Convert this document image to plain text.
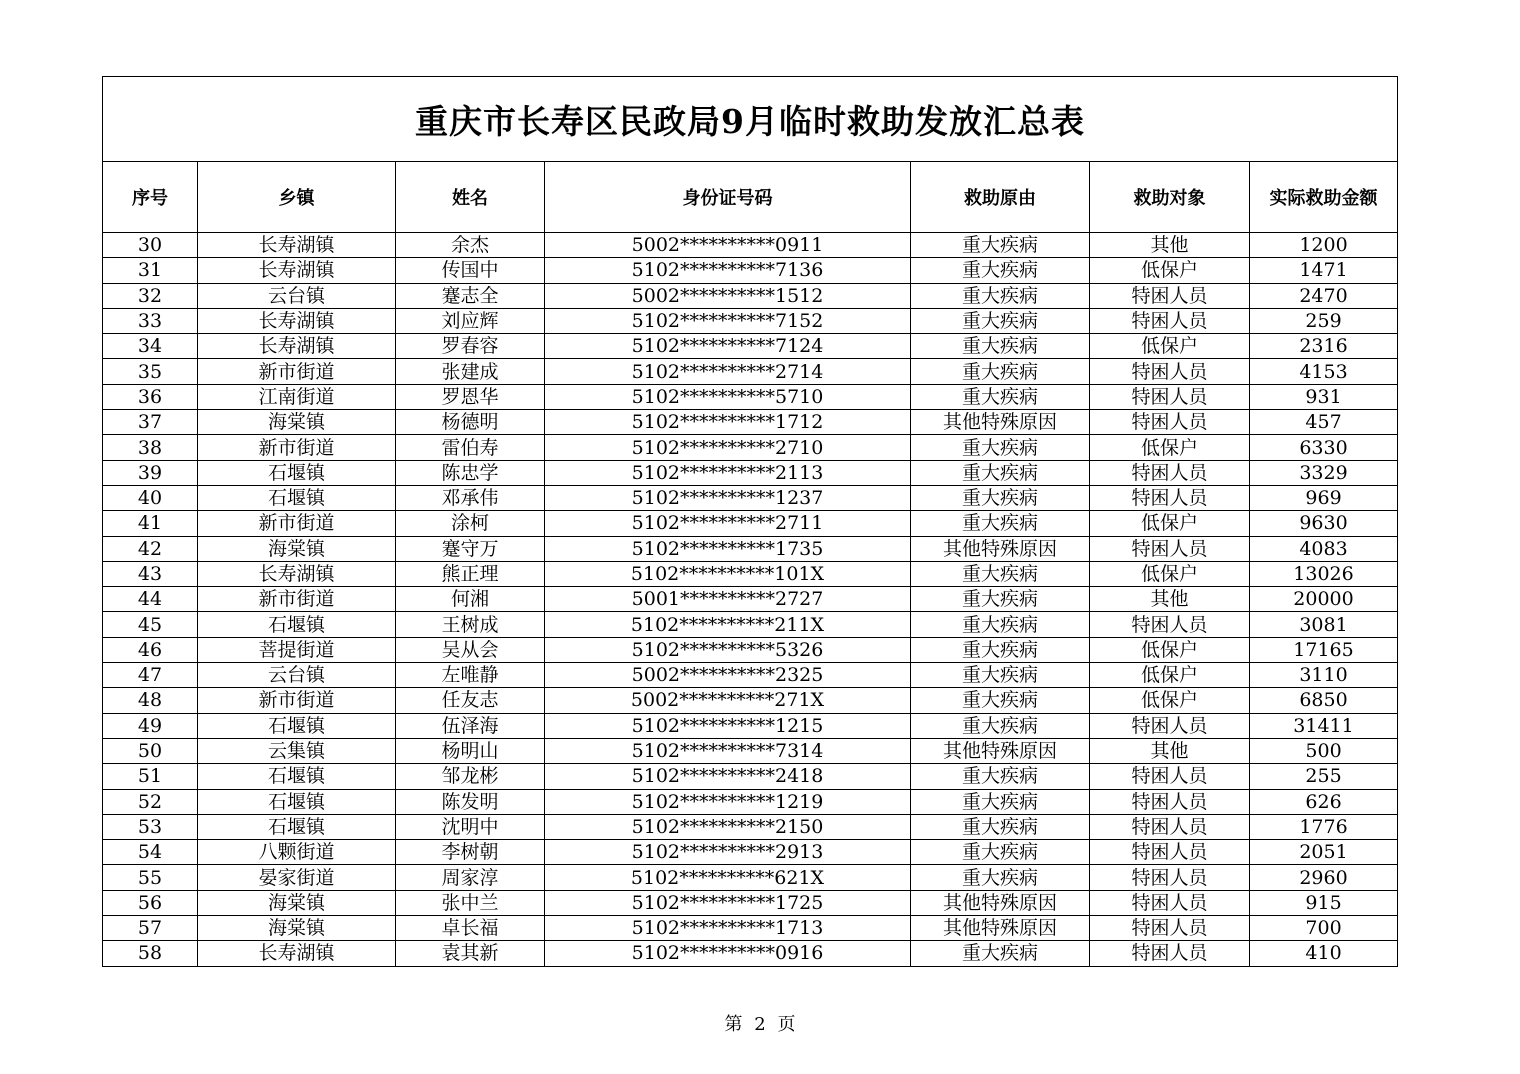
重庆市长寿区民政局9月临时救助发放汇总表						
序号	乡镇	姓名	身份证号码	救助原由	救助对象	实际救助金额
30	长寿湖镇	余杰	5002**********0911	重大疾病	其他	1200
31	长寿湖镇	传国中	5102**********7136	重大疾病	低保户	1471
32	云台镇	蹇志全	5002**********1512	重大疾病	特困人员	2470
33	长寿湖镇	刘应辉	5102**********7152	重大疾病	特困人员	259
34	长寿湖镇	罗春容	5102**********7124	重大疾病	低保户	2316
35	新市街道	张建成	5102**********2714	重大疾病	特困人员	4153
36	江南街道	罗恩华	5102**********5710	重大疾病	特困人员	931
37	海棠镇	杨德明	5102**********1712	其他特殊原因	特困人员	457
38	新市街道	雷伯寿	5102**********2710	重大疾病	低保户	6330
39	石堰镇	陈忠学	5102**********2113	重大疾病	特困人员	3329
40	石堰镇	邓承伟	5102**********1237	重大疾病	特困人员	969
41	新市街道	涂柯	5102**********2711	重大疾病	低保户	9630
42	海棠镇	蹇守万	5102**********1735	其他特殊原因	特困人员	4083
43	长寿湖镇	熊正理	5102**********101X	重大疾病	低保户	13026
44	新市街道	何湘	5001**********2727	重大疾病	其他	20000
45	石堰镇	王树成	5102**********211X	重大疾病	特困人员	3081
46	菩提街道	吴从会	5102**********5326	重大疾病	低保户	17165
47	云台镇	左唯静	5002**********2325	重大疾病	低保户	3110
48	新市街道	任友志	5002**********271X	重大疾病	低保户	6850
49	石堰镇	伍泽海	5102**********1215	重大疾病	特困人员	31411
50	云集镇	杨明山	5102**********7314	其他特殊原因	其他	500
51	石堰镇	邹龙彬	5102**********2418	重大疾病	特困人员	255
52	石堰镇	陈发明	5102**********1219	重大疾病	特困人员	626
53	石堰镇	沈明中	5102**********2150	重大疾病	特困人员	1776
54	八颗街道	李树朝	5102**********2913	重大疾病	特困人员	2051
55	晏家街道	周家淳	5102**********621X	重大疾病	特困人员	2960
56	海棠镇	张中兰	5102**********1725	其他特殊原因	特困人员	915
57	海棠镇	卓长福	5102**********1713	其他特殊原因	特困人员	700
58	长寿湖镇	袁其新	5102**********0916	重大疾病	特困人员	410
第 2 页
